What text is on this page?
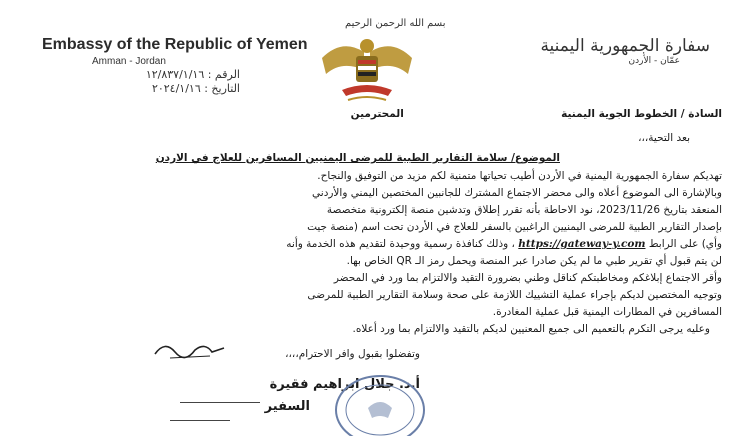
بسم الله الرحمن الرحيم
Embassy of the Republic of Yemen
Amman - Jordan
سفارة الجمهورية اليمنية
عمّان - الأردن
الرقم : ١٢/٨٣٧/١/١٦
التاريخ : ٢٠٢٤/١/١٦
السادة / الخطوط الجوية اليمنية  المحترمين
بعد التحية،،،
الموضوع/ سلامة التقارير الطبية للمرضى اليمنيين المسافرين للعلاج في الاردن
تهديكم سفارة الجمهورية اليمنية في الأردن أطيب تحياتها متمنية لكم مزيد من التوفيق والنجاح.
وبالإشارة الى الموضوع أعلاه والى محضر الاجتماع المشترك للجانبين المختصين اليمني والأردني
المنعقد بتاريخ 2023/11/26، نود الاحاطة بأنه تقرر إطلاق وتدشين منصة إلكترونية متخصصة
بإصدار التقارير الطبية للمرضى اليمنيين الراغبين بالسفر للعلاج في الأردن تحت اسم (منصة جيت
وأي) على الرابط https://gateway-y.com ، وذلك كنافذة رسمية ووحيدة لتقديم هذه الخدمة وأنه
لن يتم قبول أي تقرير طبي ما لم يكن صادرا عبر المنصة ويحمل رمز الـ QR الخاص بها.
وأقر الاجتماع إبلاغكم ومخاطبتكم كناقل وطني بضرورة التقيد والالتزام بما ورد في المحضر
وتوجيه المختصين لديكم بإجراء عملية التشييك اللازمة على صحة وسلامة التقارير الطبية للمرضى
المسافرين في المطارات اليمنية قبل عملية المغادرة.
وعليه يرجى التكرم بالتعميم الى جميع المعنيين لديكم بالتقيد والالتزام بما ورد أعلاه.
وتفضلوا بقبول وافر الاحترام،،،،
أ.د. جلال ابراهيم فقيرة
السفير
